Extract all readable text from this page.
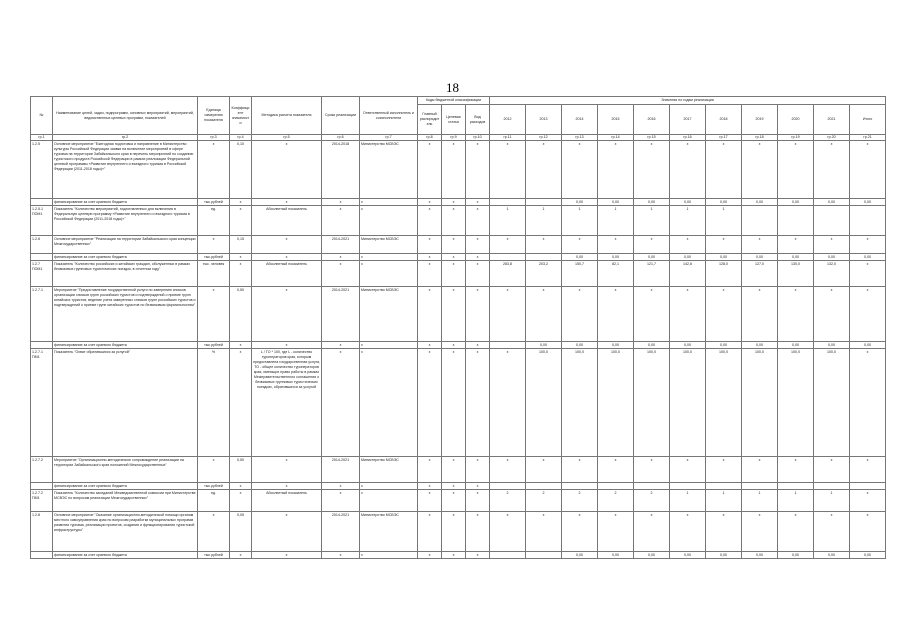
18
№	Наименование целей, задач, подпрограмм, основных мероприятий, мероприятий, ведомственных целевых программ, показателей	Единица измерения показателя	Коэффициент значимости	Методика расчета показателя	Сроки реализации	Ответственный исполнитель и соисполнители	Коды бюджетной классификации			Значения по годам реализации										
							Главный распорядитель	Целевая статья	Вид расходов	2012	2013	2014	2015	2016	2017	2018	2019	2020	2021	Итого
гр.1	гр.2	гр.3	гр.4	гр.5	гр.6	гр.7	гр.8	гр.9	гр.10	гр.11	гр.12	гр.13	гр.14	гр.15	гр.16	гр.17	гр.18	гр.19	гр.20	гр.21
1.2.5	Основное мероприятие "Ежегодная подготовка и направление в Министерство культуры Российской Федерации заявки на включение мероприятий в сфере туризма на территории Забайкальского края в перечень мероприятий по созданию туристского продукта Российской Федерации в рамках реализации Федеральной целевой программы «Развитие внутреннего и въездного туризма в Российской Федерации (2011-2018 годы)»"	x	0,10	x	2014-2018	Министерство МСВЭС	x	x	x	x	x	x	x	x	x	x	x	x	x	x
	финансирование за счет краевого бюджета	тыс.рублей	x	x	x	x	x	x	x			0,00	0,00	0,00	0,00	0,00	0,00	0,00	0,00	0,00
1.2.5.1 ПОМ1	Показатель "Количество мероприятий, подготовленных для включения в Федеральную целевую программу «Развитие внутреннего и въездного туризма в Российской Федерации (2011-2018 годы)»"	ед.	x	Абсолютный показатель	x	x	x	x	x	1	1	1	1	1	1	1				
1.2.6	Основное мероприятие "Реализация на территории Забайкальского края концепции Межгосударственных"	x	0,15	x	2014-2021	Министерство МСВЭС	x	x	x	x	x	x	x	x	x	x	x	x	x	x
	финансирование за счет краевого бюджета	тыс.рублей	x	x	x	x	x	x	x			0,00	0,00	0,00	0,00	0,00	0,00	0,00	0,00	0,00
1.2.7 ПОМ1	Показатель "Количество российских и китайских граждан, обслуженных в рамках безвизовых групповых туристических поездок, в отчетном году"	тыс. человек	x	Абсолютный показатель	x	x	x	x	x	283,8	203,2	150,7	82,1	121,7	142,6	128,0	127,0	130,0	132,0	x
1.2.7.1	Мероприятие "Предоставление государственной услуги по заверению списков организации списков групп российских туристов и подтверждений о приеме групп китайских туристов, ведение учета заверенных списков групп российских туристов и подтверждений о приеме групп китайских туристов по безвизовым формальностям"	x	0,50	x	2014-2021	Министерство МСВЭС	x	x	x	x	x	x	x	x	x	x	x	x	x	x
	финансирование за счет краевого бюджета	тыс.рублей	x	x	x	x	x	x	x		0,00	0,00	0,00	0,00	0,00	0,00	0,00	0,00	0,00	0,00
1.2.7.1 ПМ1	Показатель "Охват обратившихся за услугой"	%	x	L / TO * 100, где L - количество туроператоров края, которым предоставлена государственная услуга, TO - общее количество туроператоров края, имеющих право работы в рамках Межправительственного соглашения о безвизовых групповых туристических поездках, обратившихся за услугой	x	x	x	x	x	x	100,0	100,0	100,0	100,0	100,0	100,0	100,0	100,0	100,0	x
1.2.7.2	Мероприятие "Организационно-методическое сопровождение реализации на территории Забайкальского края положений Межгосударственных"	x	0,50	x	2014-2021	Министерство МСВЭС	x	x	x	x	x	x	x	x	x	x	x	x	x	x
	финансирование за счет краевого бюджета	тыс.рублей	x	x	x	x	x	x	x											
1.2.7.2 ПМ1	Показатель "Количество заседаний Межведомственной комиссии при Министерстве МСВЭС по вопросам реализации Межгосударственных"	ед.	x	Абсолютный показатель	x	x	x	x	x	2	2	2	2	2	1	1	1	1	1	x
1.2.8	Основное мероприятие "Оказание организационно-методической помощи органам местного самоуправления края по вопросам разработки муниципальных программ развития туризма, реализации проектов, создания и функционирования туристской инфраструктуры"	x	0,05	x	2014-2021	Министерство МСВЭС	x	x	x	x	x	x	x	x	x	x	x	x	x	x
	финансирование за счет краевого бюджета	тыс.рублей	x	x	x	x	x	x	x			0,00	0,00	0,00	0,00	0,00	0,00	0,00	0,00	0,00
